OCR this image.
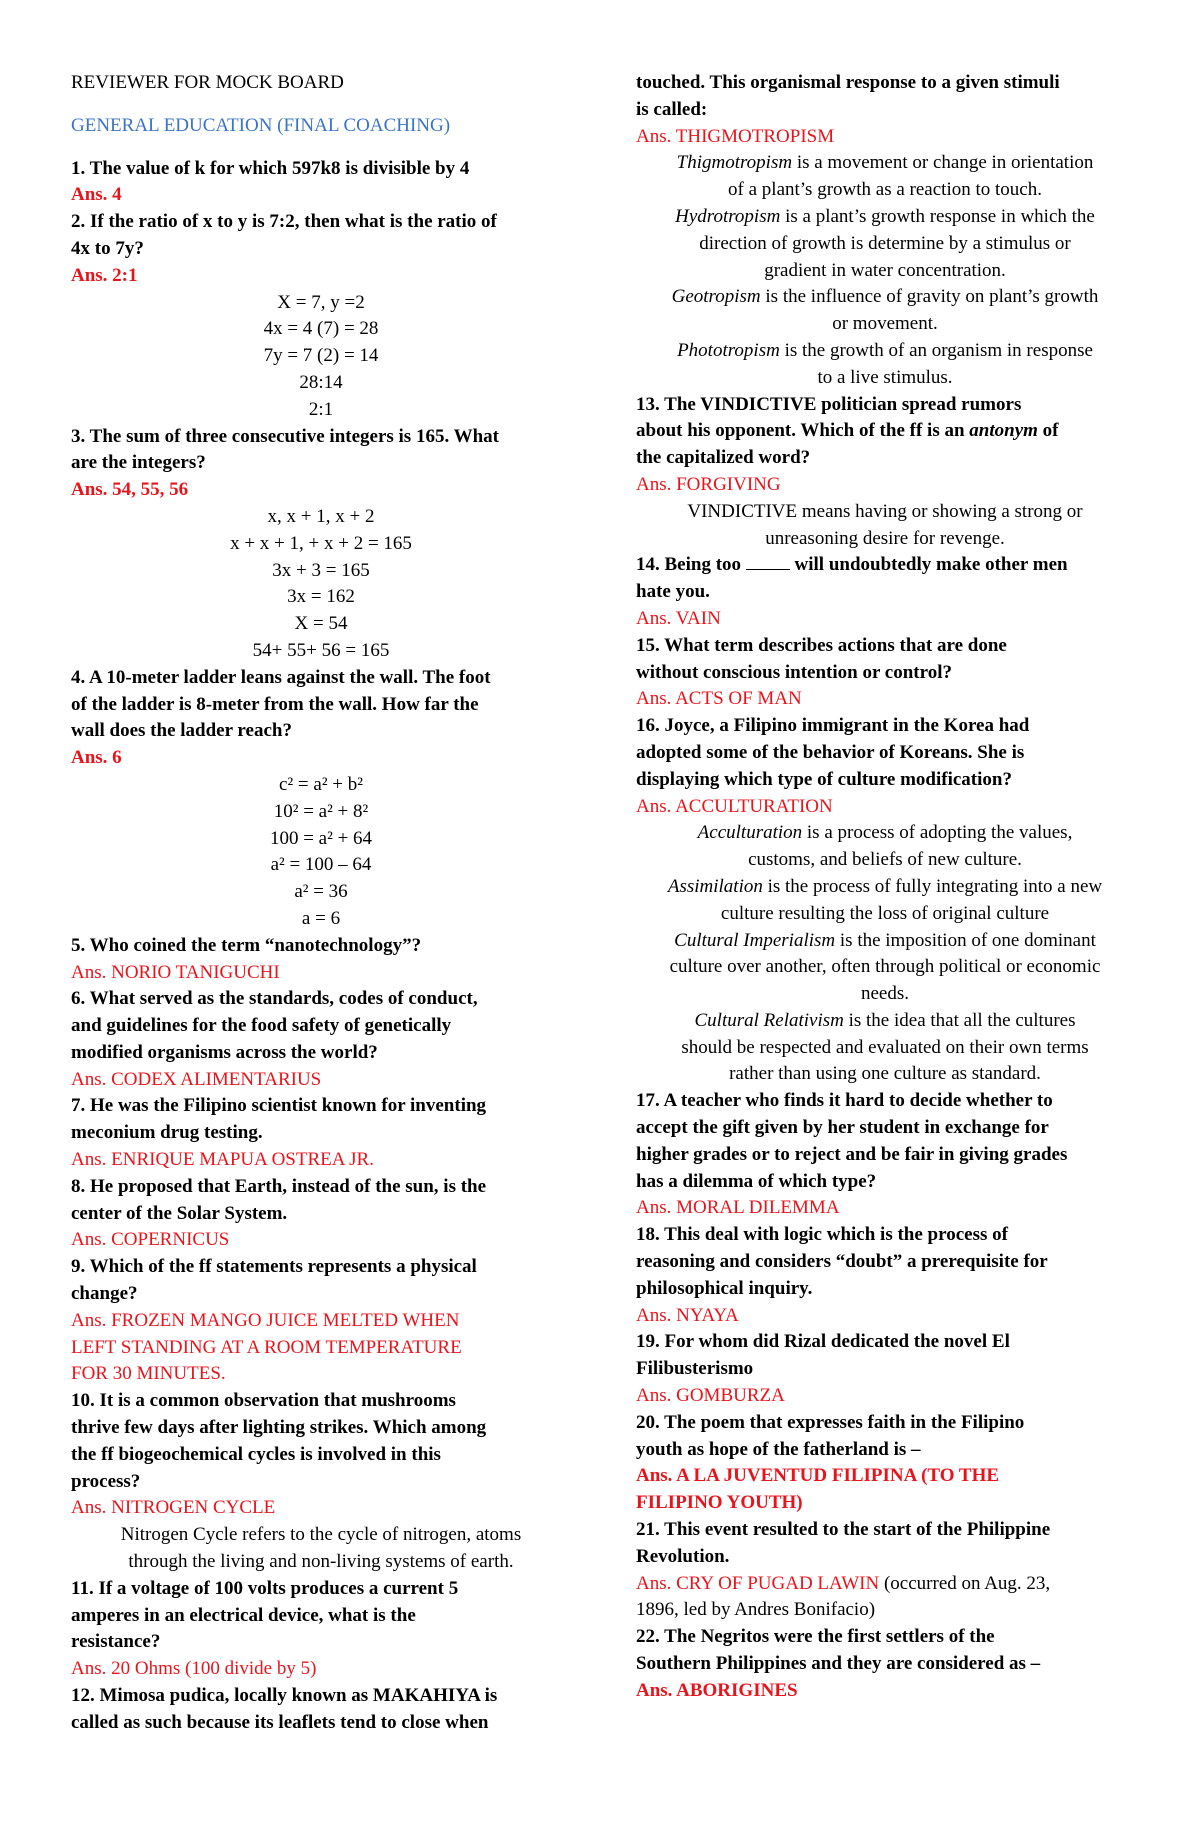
REVIEWER FOR MOCK BOARD
GENERAL EDUCATION (FINAL COACHING)
1. The value of k for which 597k8 is divisible by 4
Ans. 4
2. If the ratio of x to y is 7:2, then what is the ratio of
4x to 7y?
Ans. 2:1
X = 7, y =2
4x = 4 (7) = 28
7y = 7 (2) = 14
28:14
2:1
3. The sum of three consecutive integers is 165. What
are the integers?
Ans. 54, 55, 56
x, x + 1, x + 2
x + x + 1, + x + 2 = 165
3x + 3 = 165
3x = 162
X = 54
54+ 55+ 56 = 165
4. A 10-meter ladder leans against the wall. The foot
of the ladder is 8-meter from the wall. How far the
wall does the ladder reach?
Ans. 6
c² = a² + b²
10² = a² + 8²
100 = a² + 64
a² = 100 – 64
a² = 36
a = 6
5. Who coined the term “nanotechnology”?
Ans. NORIO TANIGUCHI
6. What served as the standards, codes of conduct,
and guidelines for the food safety of genetically
modified organisms across the world?
Ans. CODEX ALIMENTARIUS
7. He was the Filipino scientist known for inventing
meconium drug testing.
Ans. ENRIQUE MAPUA OSTREA JR.
8. He proposed that Earth, instead of the sun, is the
center of the Solar System.
Ans. COPERNICUS
9. Which of the ff statements represents a physical
change?
Ans. FROZEN MANGO JUICE MELTED WHEN
LEFT STANDING AT A ROOM TEMPERATURE
FOR 30 MINUTES.
10. It is a common observation that mushrooms
thrive few days after lighting strikes. Which among
the ff biogeochemical cycles is involved in this
process?
Ans. NITROGEN CYCLE
Nitrogen Cycle refers to the cycle of nitrogen, atoms
through the living and non-living systems of earth.
11. If a voltage of 100 volts produces a current 5
amperes in an electrical device, what is the
resistance?
Ans. 20 Ohms (100 divide by 5)
12. Mimosa pudica, locally known as MAKAHIYA is
called as such because its leaflets tend to close when
touched. This organismal response to a given stimuli
is called:
Ans. THIGMOTROPISM
Thigmotropism is a movement or change in orientation
of a plant’s growth as a reaction to touch.
Hydrotropism is a plant’s growth response in which the
direction of growth is determine by a stimulus or
gradient in water concentration.
Geotropism is the influence of gravity on plant’s growth
or movement.
Phototropism is the growth of an organism in response
to a live stimulus.
13. The VINDICTIVE politician spread rumors
about his opponent. Which of the ff is an antonym of
the capitalized word?
Ans. FORGIVING
VINDICTIVE means having or showing a strong or
unreasoning desire for revenge.
14. Being too  will undoubtedly make other men
hate you.
Ans. VAIN
15. What term describes actions that are done
without conscious intention or control?
Ans. ACTS OF MAN
16. Joyce, a Filipino immigrant in the Korea had
adopted some of the behavior of Koreans. She is
displaying which type of culture modification?
Ans. ACCULTURATION
Acculturation is a process of adopting the values,
customs, and beliefs of new culture.
Assimilation is the process of fully integrating into a new
culture resulting the loss of original culture
Cultural Imperialism is the imposition of one dominant
culture over another, often through political or economic
needs.
Cultural Relativism is the idea that all the cultures
should be respected and evaluated on their own terms
rather than using one culture as standard.
17. A teacher who finds it hard to decide whether to
accept the gift given by her student in exchange for
higher grades or to reject and be fair in giving grades
has a dilemma of which type?
Ans. MORAL DILEMMA
18. This deal with logic which is the process of
reasoning and considers “doubt” a prerequisite for
philosophical inquiry.
Ans. NYAYA
19. For whom did Rizal dedicated the novel El
Filibusterismo
Ans. GOMBURZA
20. The poem that expresses faith in the Filipino
youth as hope of the fatherland is –
Ans. A LA JUVENTUD FILIPINA (TO THE
FILIPINO YOUTH)
21. This event resulted to the start of the Philippine
Revolution.
Ans. CRY OF PUGAD LAWIN (occurred on Aug. 23,
1896, led by Andres Bonifacio)
22. The Negritos were the first settlers of the
Southern Philippines and they are considered as –
Ans. ABORIGINES
